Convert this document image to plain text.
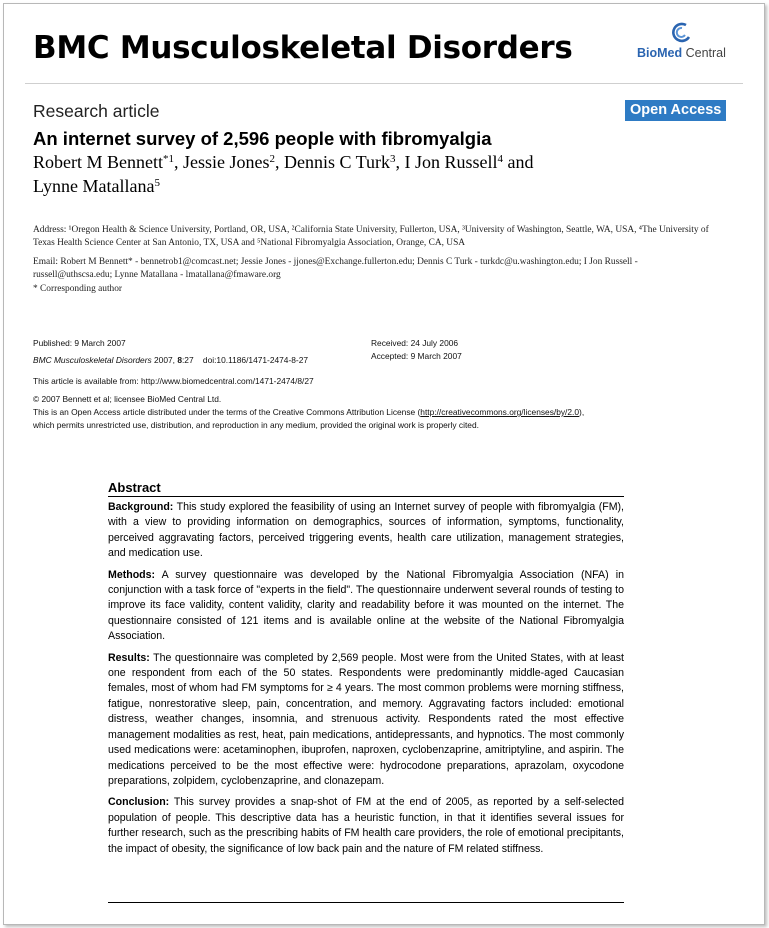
BMC Musculoskeletal Disorders	BioMed Central
Research article	Open Access
An internet survey of 2,596 people with fibromyalgia
Robert M Bennett$^{*1}$, Jessie Jones$^2$, Dennis C Turk$^3$, I Jon Russell$^4$ and
Lynne Matallana$^5$
Address: ¹Oregon Health & Science University, Portland, OR, USA, ²California State University, Fullerton, USA, ³University of Washington, Seattle, WA, USA, ⁴The University of Texas Health Science Center at San Antonio, TX, USA and ⁵National Fibromyalgia Association, Orange, CA, USA
Email: Robert M Bennett* - bennetrob1@comcast.net; Jessie Jones - jjones@Exchange.fullerton.edu; Dennis C Turk - turkdc@u.washington.edu; I Jon Russell - russell@uthscsa.edu; Lynne Matallana - lmatallana@fmaware.org
* Corresponding author
Published: 9 March 2007
BMC Musculoskeletal Disorders 2007, 8:27    doi:10.1186/1471-2474-8-27
Received: 24 July 2006
Accepted: 9 March 2007
This article is available from: http://www.biomedcentral.com/1471-2474/8/27
© 2007 Bennett et al; licensee BioMed Central Ltd.
This is an Open Access article distributed under the terms of the Creative Commons Attribution License (http://creativecommons.org/licenses/by/2.0),
which permits unrestricted use, distribution, and reproduction in any medium, provided the original work is properly cited.
Abstract

Background: This study explored the feasibility of using an Internet survey of people with fibromyalgia (FM), with a view to providing information on demographics, sources of information, symptoms, functionality, perceived aggravating factors, perceived triggering events, health care utilization, management strategies, and medication use.

Methods: A survey questionnaire was developed by the National Fibromyalgia Association (NFA) in conjunction with a task force of "experts in the field". The questionnaire underwent several rounds of testing to improve its face validity, content validity, clarity and readability before it was mounted on the internet. The questionnaire consisted of 121 items and is available online at the website of the National Fibromyalgia Association.

Results: The questionnaire was completed by 2,569 people. Most were from the United States, with at least one respondent from each of the 50 states. Respondents were predominantly middle-aged Caucasian females, most of whom had FM symptoms for ≥ 4 years. The most common problems were morning stiffness, fatigue, nonrestorative sleep, pain, concentration, and memory. Aggravating factors included: emotional distress, weather changes, insomnia, and strenuous activity. Respondents rated the most effective management modalities as rest, heat, pain medications, antidepressants, and hypnotics. The most commonly used medications were: acetaminophen, ibuprofen, naproxen, cyclobenzaprine, amitriptyline, and aspirin. The medications perceived to be the most effective were: hydrocodone preparations, aprazolam, oxycodone preparations, zolpidem, cyclobenzaprine, and clonazepam.

Conclusion: This survey provides a snap-shot of FM at the end of 2005, as reported by a self-selected population of people. This descriptive data has a heuristic function, in that it identifies several issues for further research, such as the prescribing habits of FM health care providers, the role of emotional precipitants, the impact of obesity, the significance of low back pain and the nature of FM related stiffness.
